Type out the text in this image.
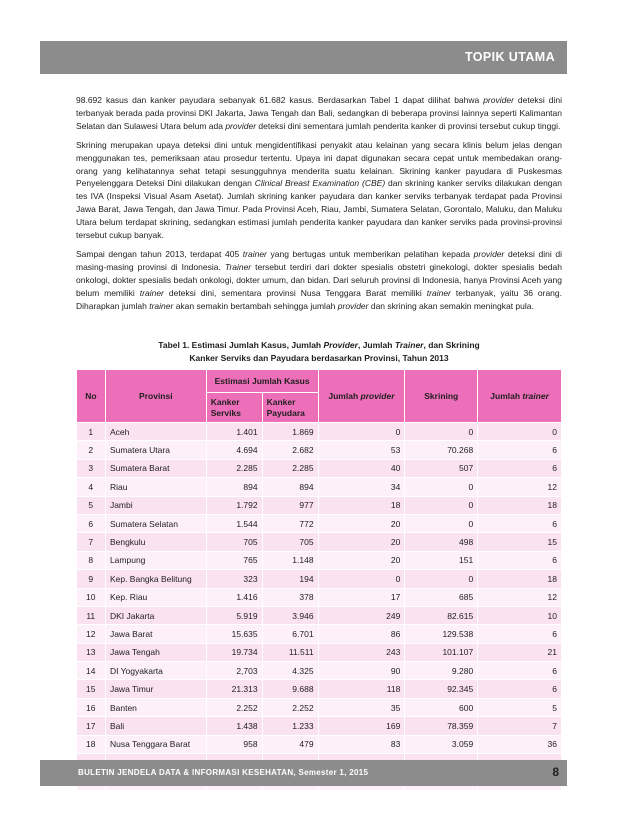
TOPIK UTAMA

98.692 kasus dan kanker payudara sebanyak 61.682 kasus. Berdasarkan Tabel 1 dapat dilihat bahwa provider deteksi dini terbanyak berada pada provinsi DKI Jakarta, Jawa Tengah dan Bali, sedangkan di beberapa provinsi lainnya seperti Kalimantan Selatan dan Sulawesi Utara belum ada provider deteksi dini sementara jumlah penderita kanker di provinsi tersebut cukup tinggi.

Skrining merupakan upaya deteksi dini untuk mengidentifikasi penyakit atau kelainan yang secara klinis belum jelas dengan menggunakan tes, pemeriksaan atau prosedur tertentu. Upaya ini dapat digunakan secara cepat untuk membedakan orang-orang yang kelihatannya sehat tetapi sesungguhnya menderita suatu kelainan. Skrining kanker payudara di Puskesmas Penyelenggara Deteksi Dini dilakukan dengan Clinical Breast Examination (CBE) dan skrining kanker serviks dilakukan dengan tes IVA (Inspeksi Visual Asam Asetat). Jumlah skrining kanker payudara dan kanker serviks terbanyak terdapat pada Provinsi Jawa Barat, Jawa Tengah, dan Jawa Timur. Pada Provinsi Aceh, Riau, Jambi, Sumatera Selatan, Gorontalo, Maluku, dan Maluku Utara belum terdapat skrining, sedangkan estimasi jumlah penderita kanker payudara dan kanker serviks pada provinsi-provinsi tersebut cukup banyak.

Sampai dengan tahun 2013, terdapat 405 trainer yang bertugas untuk memberikan pelatihan kepada provider deteksi dini di masing-masing provinsi di Indonesia. Trainer tersebut terdiri dari dokter spesialis obstetri ginekologi, dokter spesialis bedah onkologi, dokter spesialis bedah onkologi, dokter umum, dan bidan. Dari seluruh provinsi di Indonesia, hanya Provinsi Aceh yang belum memiliki trainer deteksi dini, sementara provinsi Nusa Tenggara Barat memiliki trainer terbanyak, yaitu 36 orang. Diharapkan jumlah trainer akan semakin bertambah sehingga jumlah provider dan skrining akan semakin meningkat pula.

Tabel 1. Estimasi Jumlah Kasus, Jumlah Provider, Jumlah Trainer, dan Skrining
Kanker Serviks dan Payudara berdasarkan Provinsi, Tahun 2013
No	Provinsi	Estimasi Jumlah Kasus		Jumlah provider	Skrining	Jumlah trainer
		Kanker Serviks	Kanker Payudara			
1	Aceh	1.401	1.869	0	0	0
2	Sumatera Utara	4.694	2.682	53	70.268	6
3	Sumatera Barat	2.285	2.285	40	507	6
4	Riau	894	894	34	0	12
5	Jambi	1.792	977	18	0	18
6	Sumatera Selatan	1.544	772	20	0	6
7	Bengkulu	705	705	20	498	15
8	Lampung	765	1.148	20	151	6
9	Kep. Bangka Belitung	323	194	0	0	18
10	Kep. Riau	1.416	378	17	685	12
11	DKI Jakarta	5.919	3.946	249	82.615	10
12	Jawa Barat	15.635	6.701	86	129.538	6
13	Jawa Tengah	19.734	11.511	243	101.107	21
14	DI Yogyakarta	2,703	4.325	90	9.280	6
15	Jawa Timur	21.313	9.688	118	92.345	6
16	Banten	2.252	2.252	35	600	5
17	Bali	1.438	1.233	169	78.359	7
18	Nusa Tenggara Barat	958	479	83	3.059	36

BULETIN JENDELA DATA & INFORMASI KESEHATAN, Semester 1, 2015	8
